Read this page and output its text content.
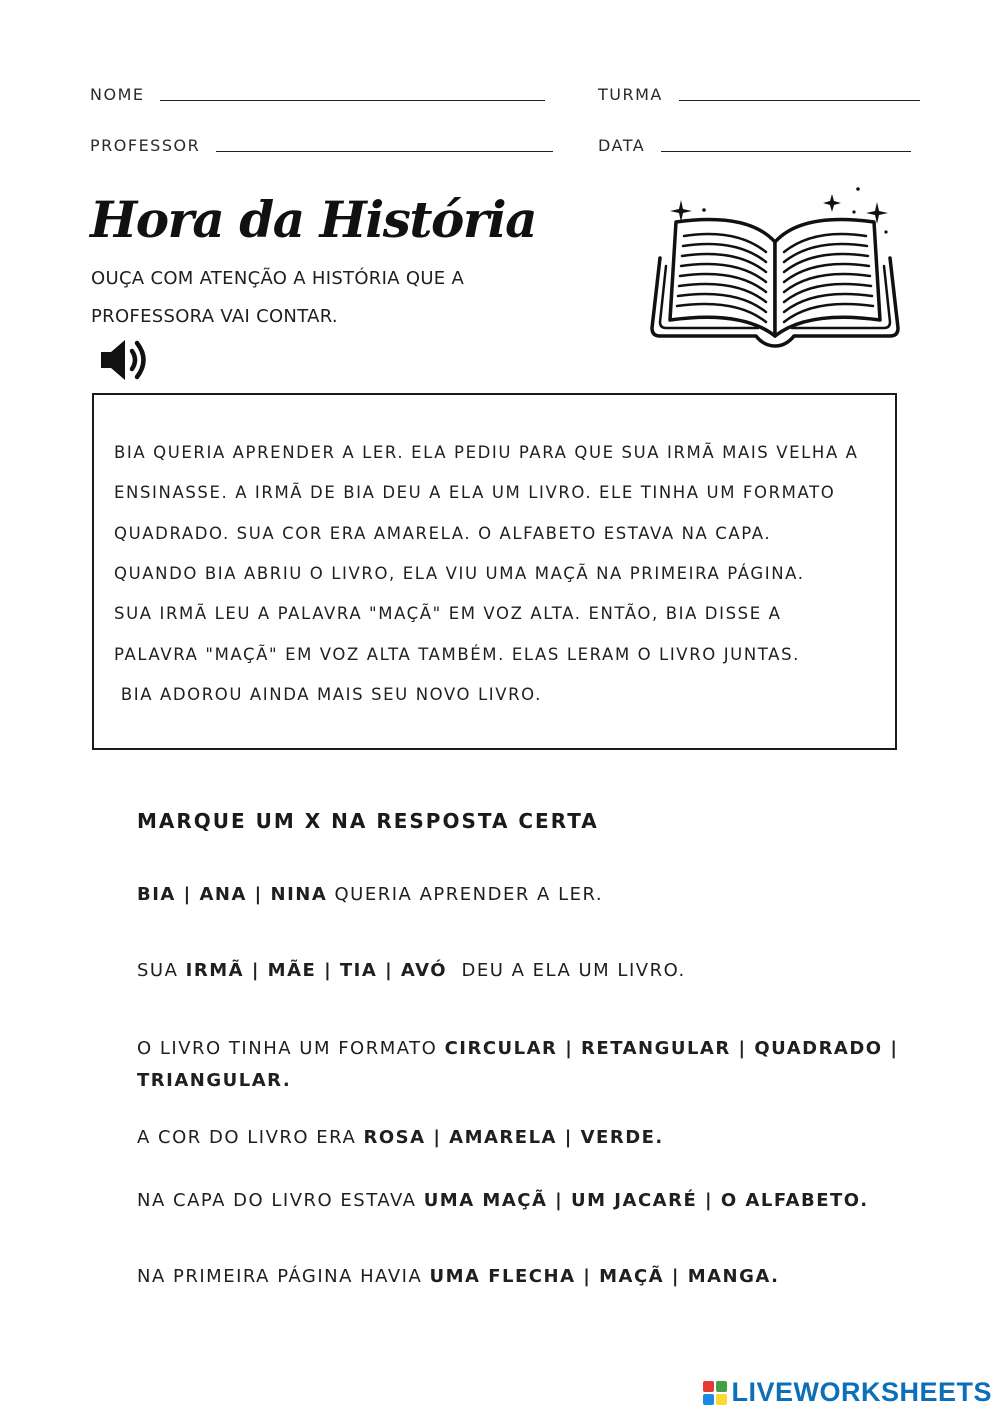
NOME	TURMA
PROFESSOR	DATA
Hora da História
OUÇA COM ATENÇÃO A HISTÓRIA QUE A
PROFESSORA VAI CONTAR.
BIA QUERIA APRENDER A LER. ELA PEDIU PARA QUE SUA IRMÃ MAIS VELHA A
ENSINASSE. A IRMÃ DE BIA DEU A ELA UM LIVRO. ELE TINHA UM FORMATO
QUADRADO. SUA COR ERA AMARELA. O ALFABETO ESTAVA NA CAPA.
QUANDO BIA ABRIU O LIVRO, ELA VIU UMA MAÇÃ NA PRIMEIRA PÁGINA.
SUA IRMÃ LEU A PALAVRA "MAÇÃ" EM VOZ ALTA. ENTÃO, BIA DISSE A
PALAVRA "MAÇÃ" EM VOZ ALTA TAMBÉM. ELAS LERAM O LIVRO JUNTAS.
BIA ADOROU AINDA MAIS SEU NOVO LIVRO.
MARQUE UM X NA RESPOSTA CERTA
BIA | ANA | NINA QUERIA APRENDER A LER.
SUA IRMÃ | MÃE | TIA | AVÓ  DEU A ELA UM LIVRO.
O LIVRO TINHA UM FORMATO CIRCULAR | RETANGULAR | QUADRADO |
TRIANGULAR.
A COR DO LIVRO ERA ROSA | AMARELA | VERDE.
NA CAPA DO LIVRO ESTAVA UMA MAÇÃ | UM JACARÉ | O ALFABETO.
NA PRIMEIRA PÁGINA HAVIA UMA FLECHA | MAÇÃ | MANGA.
LIVEWORKSHEETS
